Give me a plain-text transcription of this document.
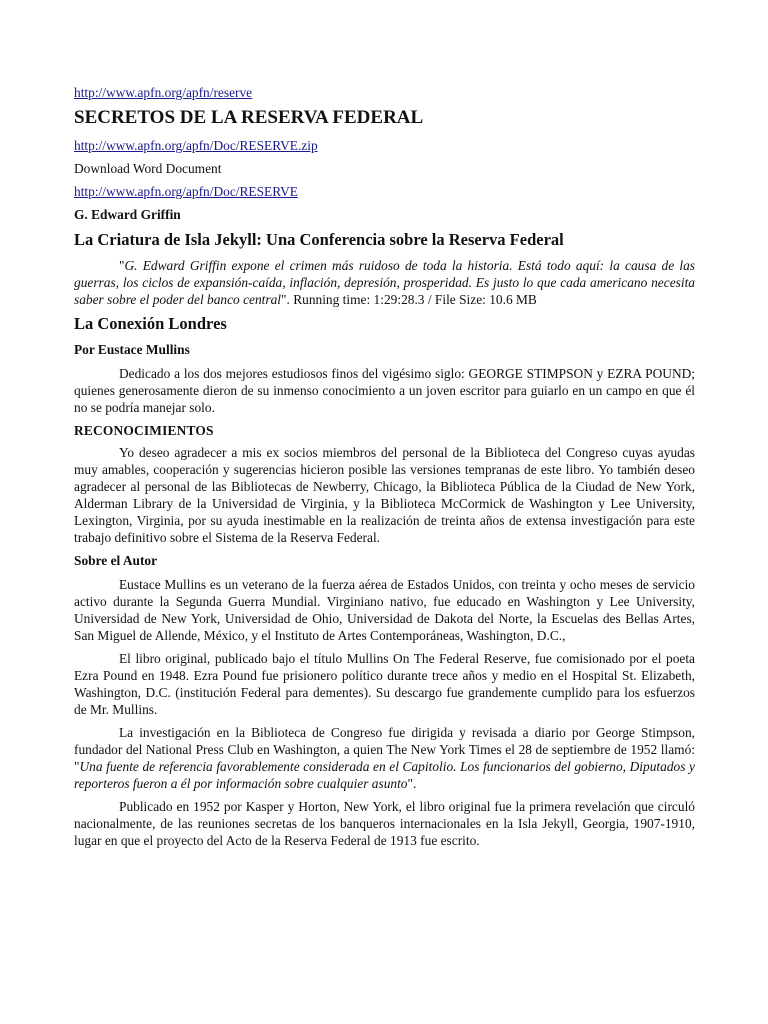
http://www.apfn.org/apfn/reserve
SECRETOS DE LA RESERVA FEDERAL
http://www.apfn.org/apfn/Doc/RESERVE.zip
Download Word Document
http://www.apfn.org/apfn/Doc/RESERVE
G. Edward Griffin
La Criatura de Isla Jekyll: Una Conferencia sobre la Reserva Federal

"G. Edward Griffin expone el crimen más ruidoso de toda la historia. Está todo aquí: la causa de las guerras, los ciclos de expansión-caída, inflación, depresión, prosperidad. Es justo lo que cada americano necesita saber sobre el poder del banco central". Running time: 1:29:28.3 / File Size: 10.6 MB

La Conexión Londres
Por Eustace Mullins

Dedicado a los dos mejores estudiosos finos del vigésimo siglo: GEORGE STIMPSON y EZRA POUND; quienes generosamente dieron de su inmenso conocimiento a un joven escritor para guiarlo en un campo en que él no se podría manejar solo.

RECONOCIMIENTOS

Yo deseo agradecer a mis ex socios miembros del personal de la Biblioteca del Congreso cuyas ayudas muy amables, cooperación y sugerencias hicieron posible las versiones tempranas de este libro. Yo también deseo agradecer al personal de las Bibliotecas de Newberry, Chicago, la Biblioteca Pública de la Ciudad de New York, Alderman Library de la Universidad de Virginia, y la Biblioteca McCormick de Washington y Lee University, Lexington, Virginia, por su ayuda inestimable en la realización de treinta años de extensa investigación para este trabajo definitivo sobre el Sistema de la Reserva Federal.

Sobre el Autor

Eustace Mullins es un veterano de la fuerza aérea de Estados Unidos, con treinta y ocho meses de servicio activo durante la Segunda Guerra Mundial. Virginiano nativo, fue educado en Washington y Lee University, Universidad de New York, Universidad de Ohio, Universidad de Dakota del Norte, la Escuelas des Bellas Artes, San Miguel de Allende, México, y el Instituto de Artes Contemporáneas, Washington, D.C.,

El libro original, publicado bajo el título Mullins On The Federal Reserve, fue comisionado por el poeta Ezra Pound en 1948. Ezra Pound fue prisionero político durante trece años y medio en el Hospital St. Elizabeth, Washington, D.C. (institución Federal para dementes). Su descargo fue grandemente cumplido para los esfuerzos de Mr. Mullins.

La investigación en la Biblioteca de Congreso fue dirigida y revisada a diario por George Stimpson, fundador del National Press Club en Washington, a quien The New York Times el 28 de septiembre de 1952 llamó: "Una fuente de referencia favorablemente considerada en el Capitolio. Los funcionarios del gobierno, Diputados y reporteros fueron a él por información sobre cualquier asunto".

Publicado en 1952 por Kasper y Horton, New York, el libro original fue la primera revelación que circuló nacionalmente, de las reuniones secretas de los banqueros internacionales en la Isla Jekyll, Georgia, 1907-1910, lugar en que el proyecto del Acto de la Reserva Federal de 1913 fue escrito.
